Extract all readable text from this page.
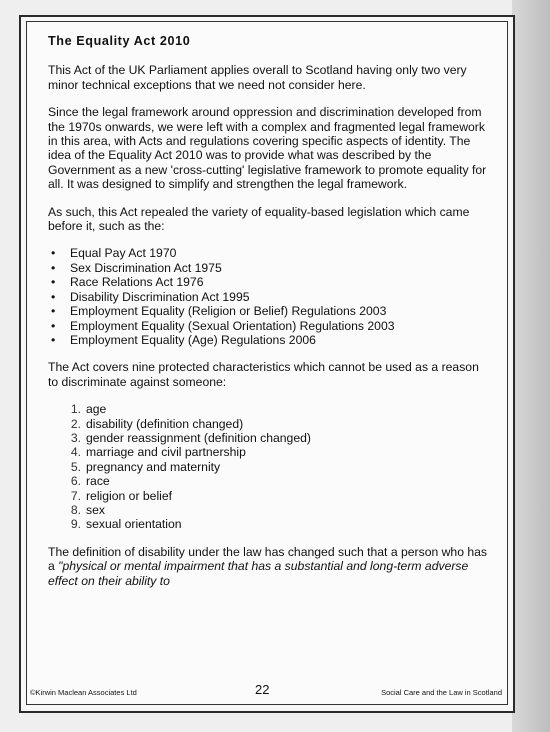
The Equality Act 2010

This Act of the UK Parliament applies overall to Scotland having only two very minor technical exceptions that we need not consider here.

Since the legal framework around oppression and discrimination developed from the 1970s onwards, we were left with a complex and fragmented legal framework in this area, with Acts and regulations covering specific aspects of identity. The idea of the Equality Act 2010 was to provide what was described by the Government as a new 'cross-cutting' legislative framework to promote equality for all. It was designed to simplify and strengthen the legal framework.

As such, this Act repealed the variety of equality-based legislation which came before it, such as the:

• Equal Pay Act 1970
• Sex Discrimination Act 1975
• Race Relations Act 1976
• Disability Discrimination Act 1995
• Employment Equality (Religion or Belief) Regulations 2003
• Employment Equality (Sexual Orientation) Regulations 2003
• Employment Equality (Age) Regulations 2006

The Act covers nine protected characteristics which cannot be used as a reason to discriminate against someone:

1. age
2. disability (definition changed)
3. gender reassignment (definition changed)
4. marriage and civil partnership
5. pregnancy and maternity
6. race
7. religion or belief
8. sex
9. sexual orientation

The definition of disability under the law has changed such that a person who has a "physical or mental impairment that has a substantial and long-term adverse effect on their ability to

©Kirwin Maclean Associates Ltd	22	Social Care and the Law in Scotland
